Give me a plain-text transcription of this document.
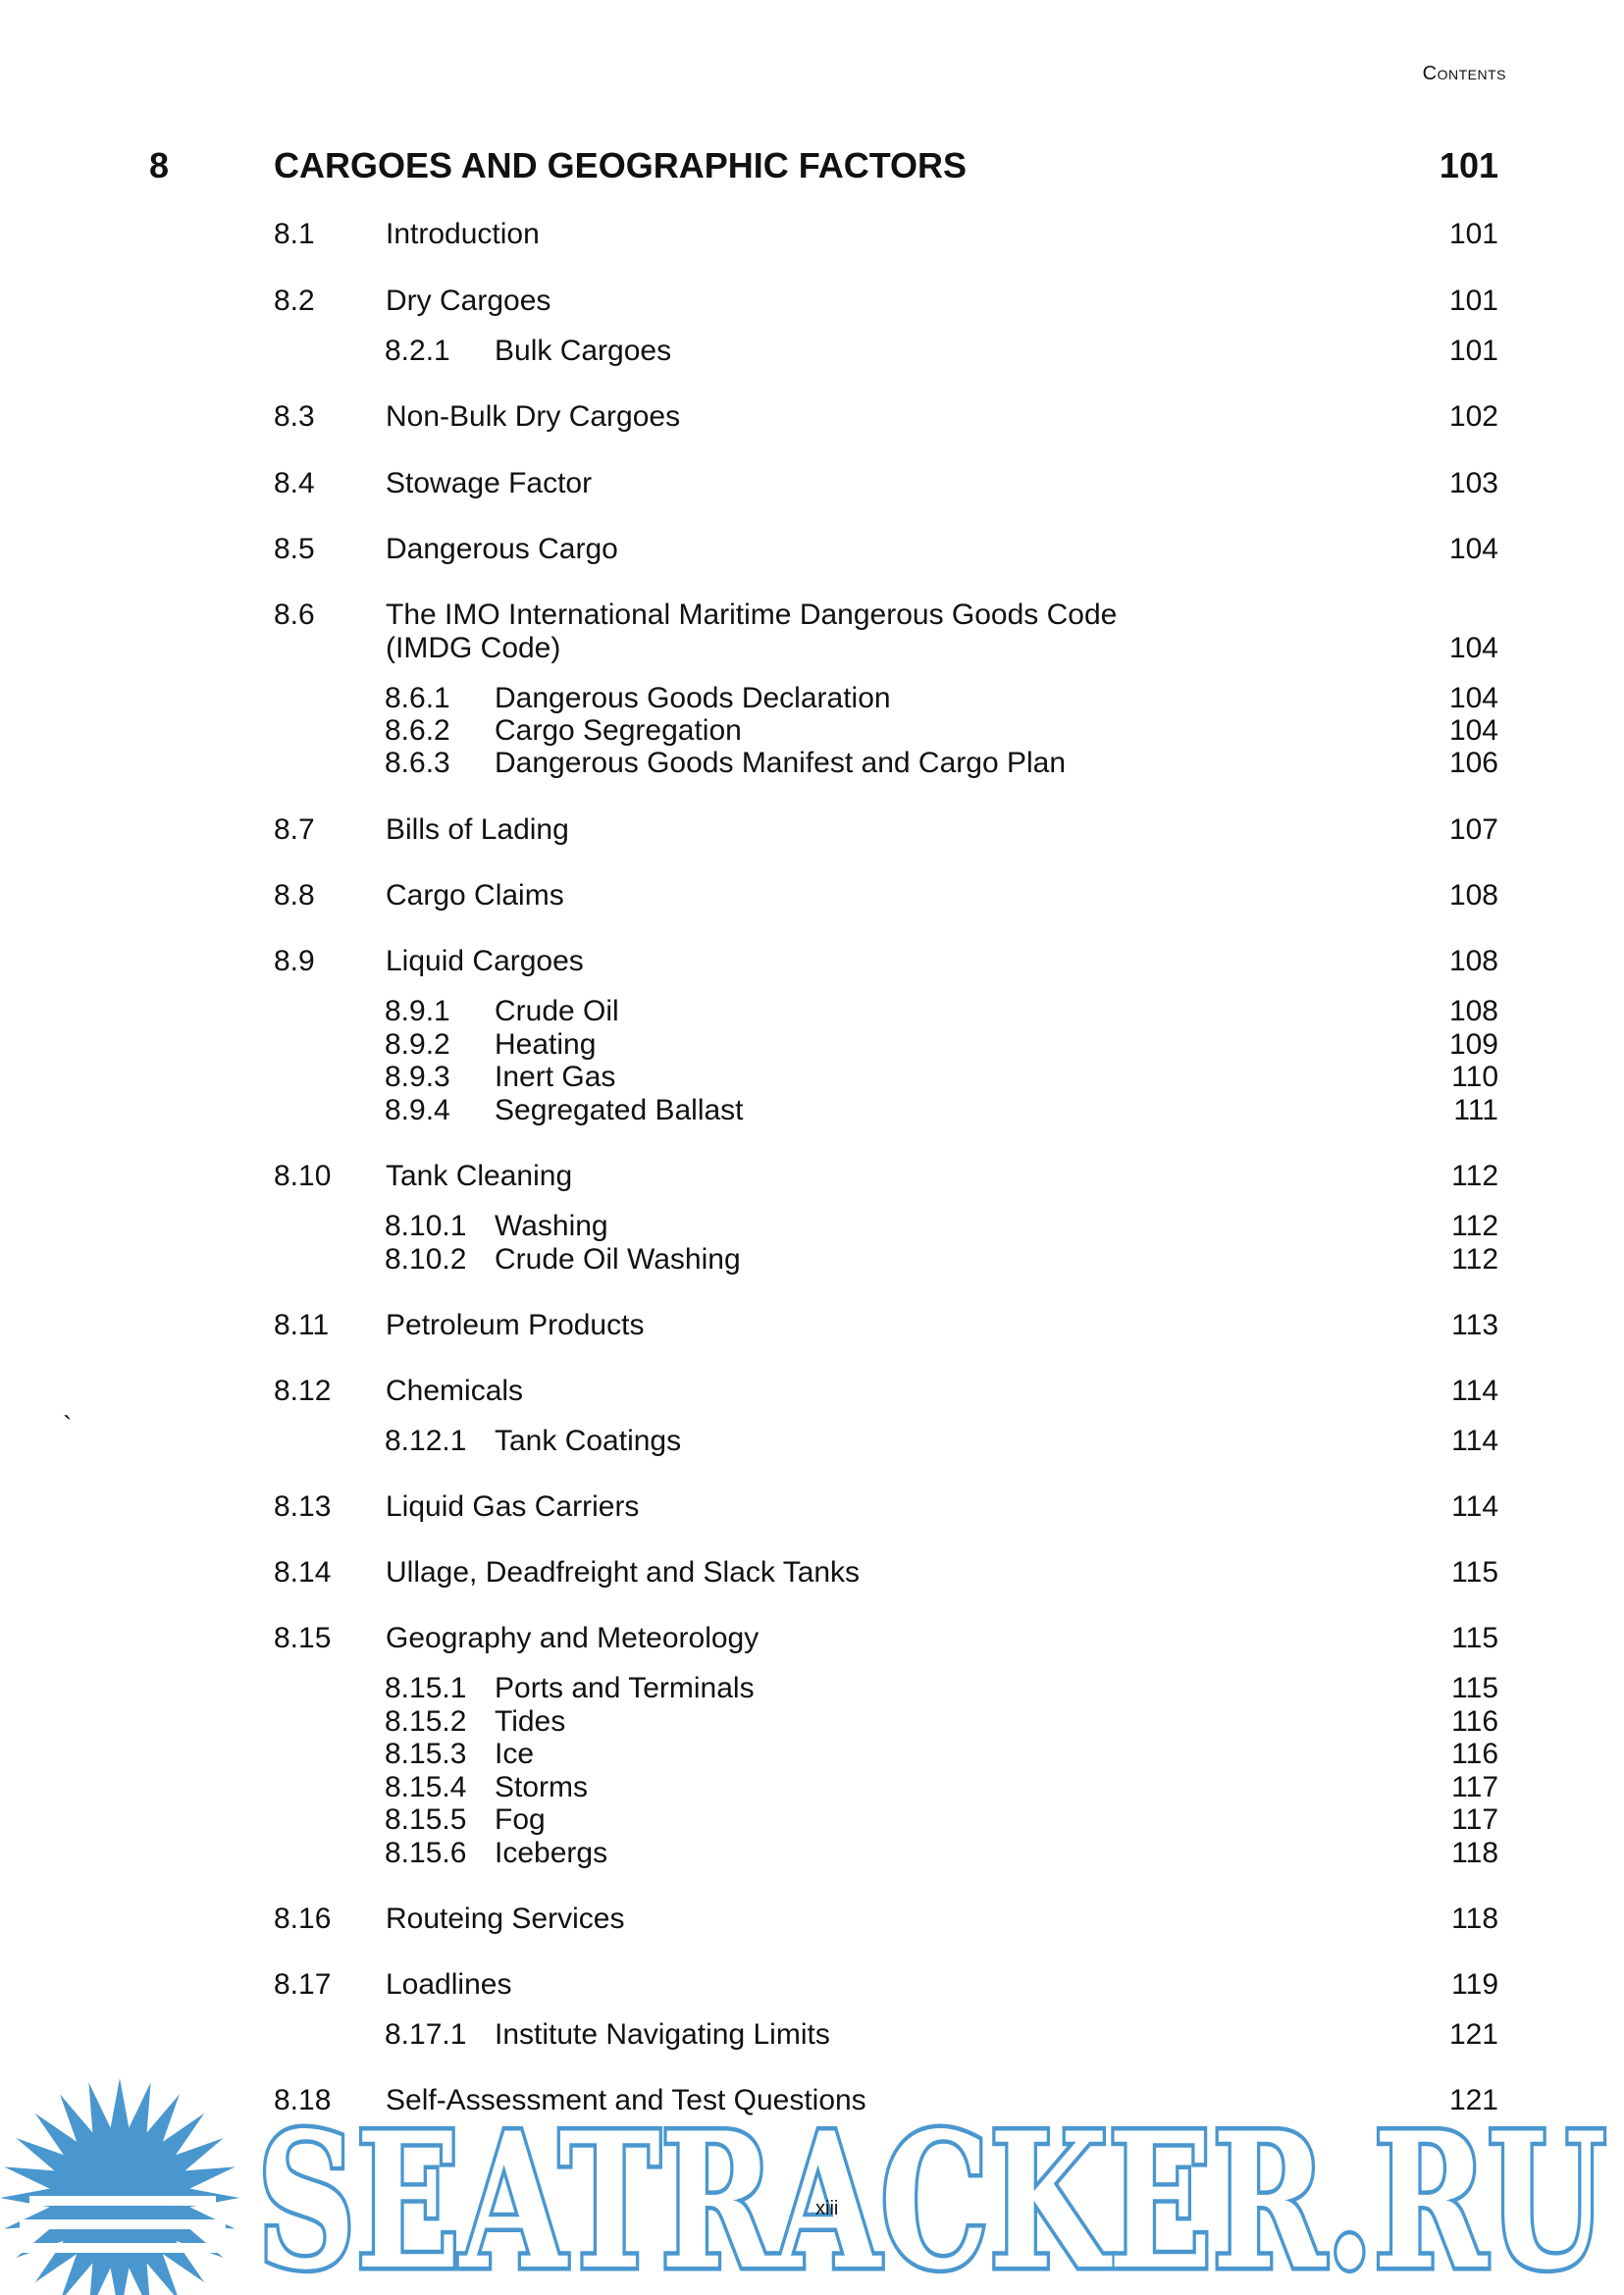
Contents
8	CARGOES AND GEOGRAPHIC FACTORS	101
8.1 Introduction	101
8.2 Dry Cargoes	101
8.2.1 Bulk Cargoes	101
8.3 Non-Bulk Dry Cargoes	102
8.4 Stowage Factor	103
8.5 Dangerous Cargo	104
8.6 The IMO International Maritime Dangerous Goods Code
(IMDG Code)	104
8.6.1 Dangerous Goods Declaration	104
8.6.2 Cargo Segregation	104
8.6.3 Dangerous Goods Manifest and Cargo Plan	106
8.7 Bills of Lading	107
8.8 Cargo Claims	108
8.9 Liquid Cargoes	108
8.9.1 Crude Oil	108
8.9.2 Heating	109
8.9.3 Inert Gas	110
8.9.4 Segregated Ballast	111
8.10 Tank Cleaning	112
8.10.1 Washing	112
8.10.2 Crude Oil Washing	112
8.11 Petroleum Products	113
8.12 Chemicals	114
8.12.1 Tank Coatings	114
8.13 Liquid Gas Carriers	114
8.14 Ullage, Deadfreight and Slack Tanks	115
8.15 Geography and Meteorology	115
8.15.1 Ports and Terminals	115
8.15.2 Tides	116
8.15.3 Ice	116
8.15.4 Storms	117
8.15.5 Fog	117
8.15.6 Icebergs	118
8.16 Routeing Services	118
8.17 Loadlines	119
8.17.1 Institute Navigating Limits	121
8.18 Self-Assessment and Test Questions	121
`
SEATRACKER.RU
xiii
